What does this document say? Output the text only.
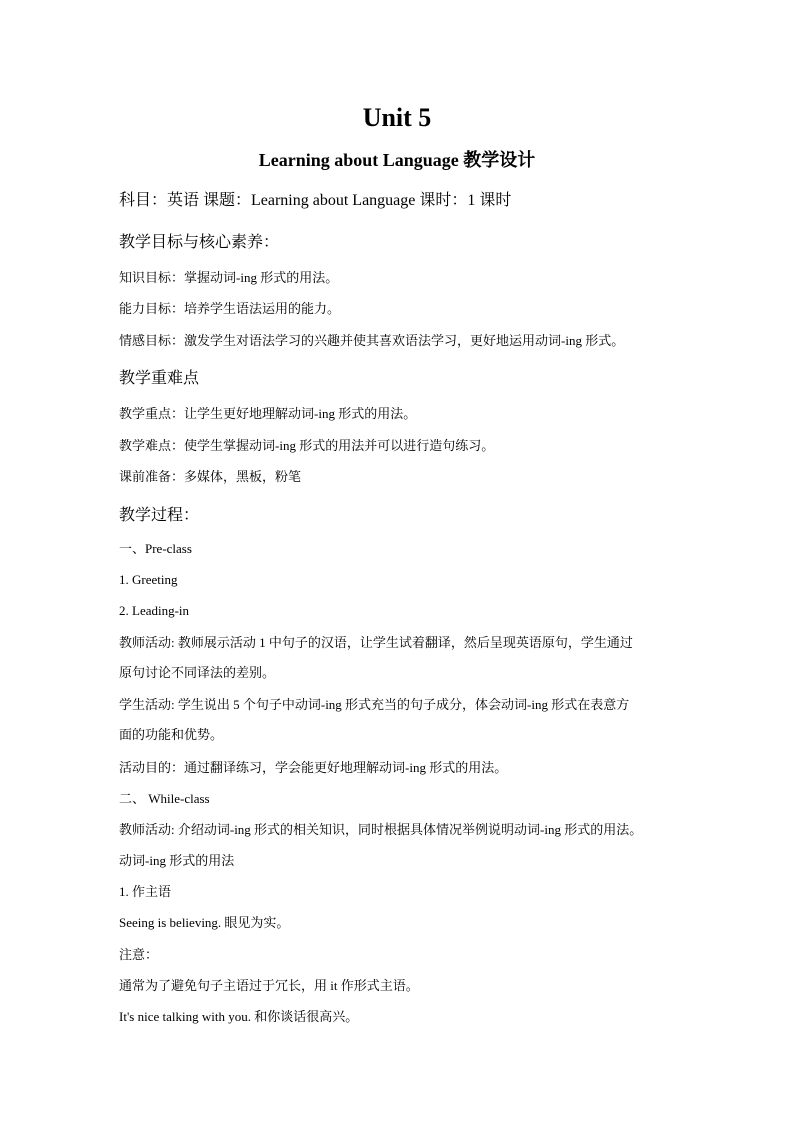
Unit 5
Learning about Language 教学设计
科目：英语 课题：Learning about Language 课时：1 课时
教学目标与核心素养：
知识目标：掌握动词-ing 形式的用法。
能力目标：培养学生语法运用的能力。
情感目标：激发学生对语法学习的兴趣并使其喜欢语法学习，更好地运用动词-ing 形式。
教学重难点
教学重点：让学生更好地理解动词-ing 形式的用法。
教学难点：使学生掌握动词-ing 形式的用法并可以进行造句练习。
课前准备：多媒体，黑板，粉笔
教学过程：
一、Pre-class
1. Greeting
2. Leading-in
教师活动: 教师展示活动 1 中句子的汉语，让学生试着翻译，然后呈现英语原句，学生通过
原句讨论不同译法的差别。
学生活动: 学生说出 5 个句子中动词-ing 形式充当的句子成分，体会动词-ing 形式在表意方
面的功能和优势。
活动目的：通过翻译练习，学会能更好地理解动词-ing 形式的用法。
二、 While-class
教师活动: 介绍动词-ing 形式的相关知识，同时根据具体情况举例说明动词-ing 形式的用法。
动词-ing 形式的用法
1. 作主语
Seeing is believing. 眼见为实。
注意：
通常为了避免句子主语过于冗长，用 it 作形式主语。
It's nice talking with you. 和你谈话很高兴。
